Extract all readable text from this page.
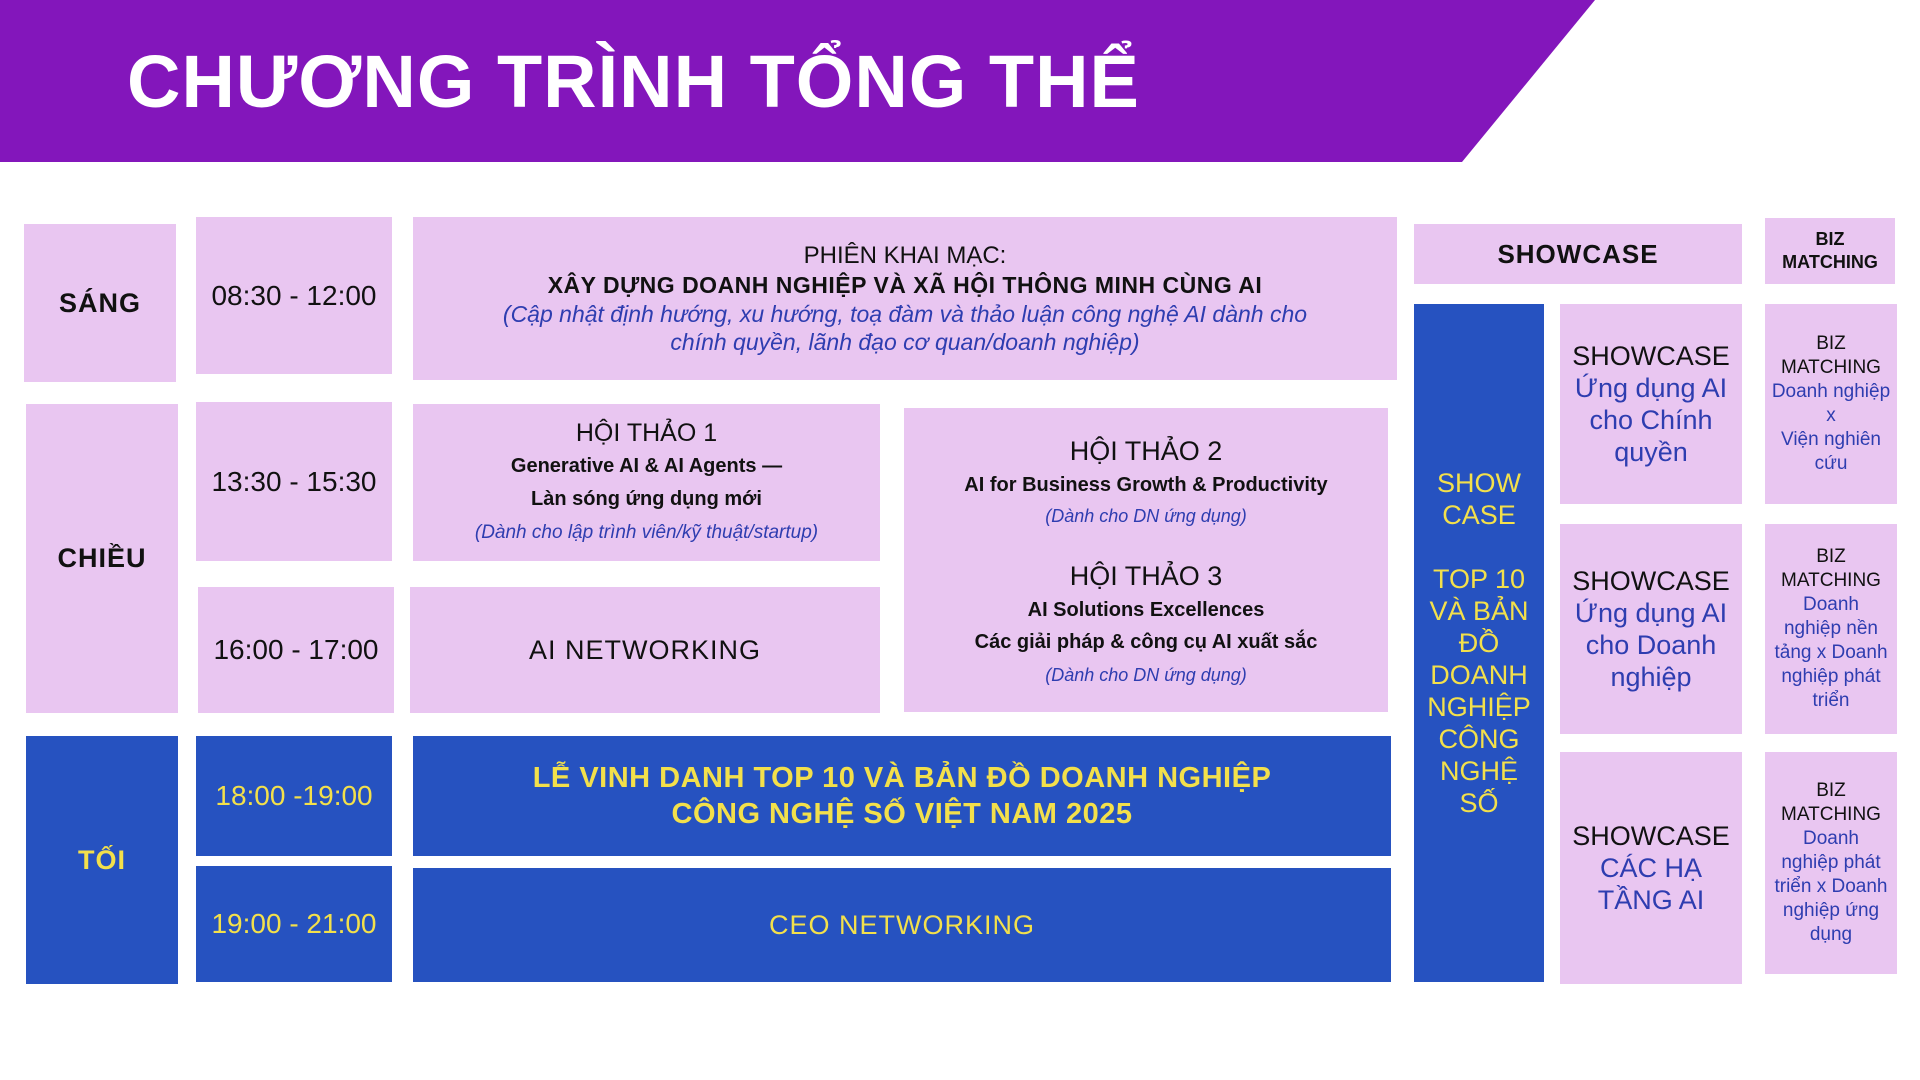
CHƯƠNG TRÌNH TỔNG THỂ
SÁNG
CHIỀU
TỐI
08:30 - 12:00
13:30 - 15:30
16:00 - 17:00
18:00 -19:00
19:00 - 21:00
PHIÊN KHAI MẠC:
XÂY DỰNG DOANH NGHIỆP VÀ XÃ HỘI THÔNG MINH CÙNG AI
(Cập nhật định hướng, xu hướng, toạ đàm và thảo luận công nghệ AI dành cho
chính quyền, lãnh đạo cơ quan/doanh nghiệp)
HỘI THẢO 1
Generative AI & AI Agents —
Làn sóng ứng dụng mới
(Dành cho lập trình viên/kỹ thuật/startup)
HỘI THẢO 2
AI for Business Growth & Productivity
(Dành cho DN ứng dụng)
HỘI THẢO 3
AI Solutions Excellences
Các giải pháp & công cụ AI xuất sắc
(Dành cho DN ứng dụng)
AI NETWORKING
LỄ VINH DANH TOP 10 VÀ BẢN ĐỒ DOANH NGHIỆP
CÔNG NGHỆ SỐ VIỆT NAM 2025
CEO NETWORKING
SHOWCASE	BIZ
MATCHING
SHOW
CASE
TOP 10
VÀ BẢN
ĐỒ
DOANH
NGHIỆP
CÔNG
NGHỆ
SỐ
SHOWCASE
Ứng dụng AI
cho Chính
quyền
SHOWCASE
Ứng dụng AI
cho Doanh
nghiệp
SHOWCASE
CÁC HẠ
TẦNG AI
BIZ
MATCHING
Doanh nghiệp
x
Viện nghiên
cứu
BIZ
MATCHING
Doanh
nghiệp nền
tảng x Doanh
nghiệp phát
triển
BIZ
MATCHING
Doanh
nghiệp phát
triển x Doanh
nghiệp ứng
dụng
